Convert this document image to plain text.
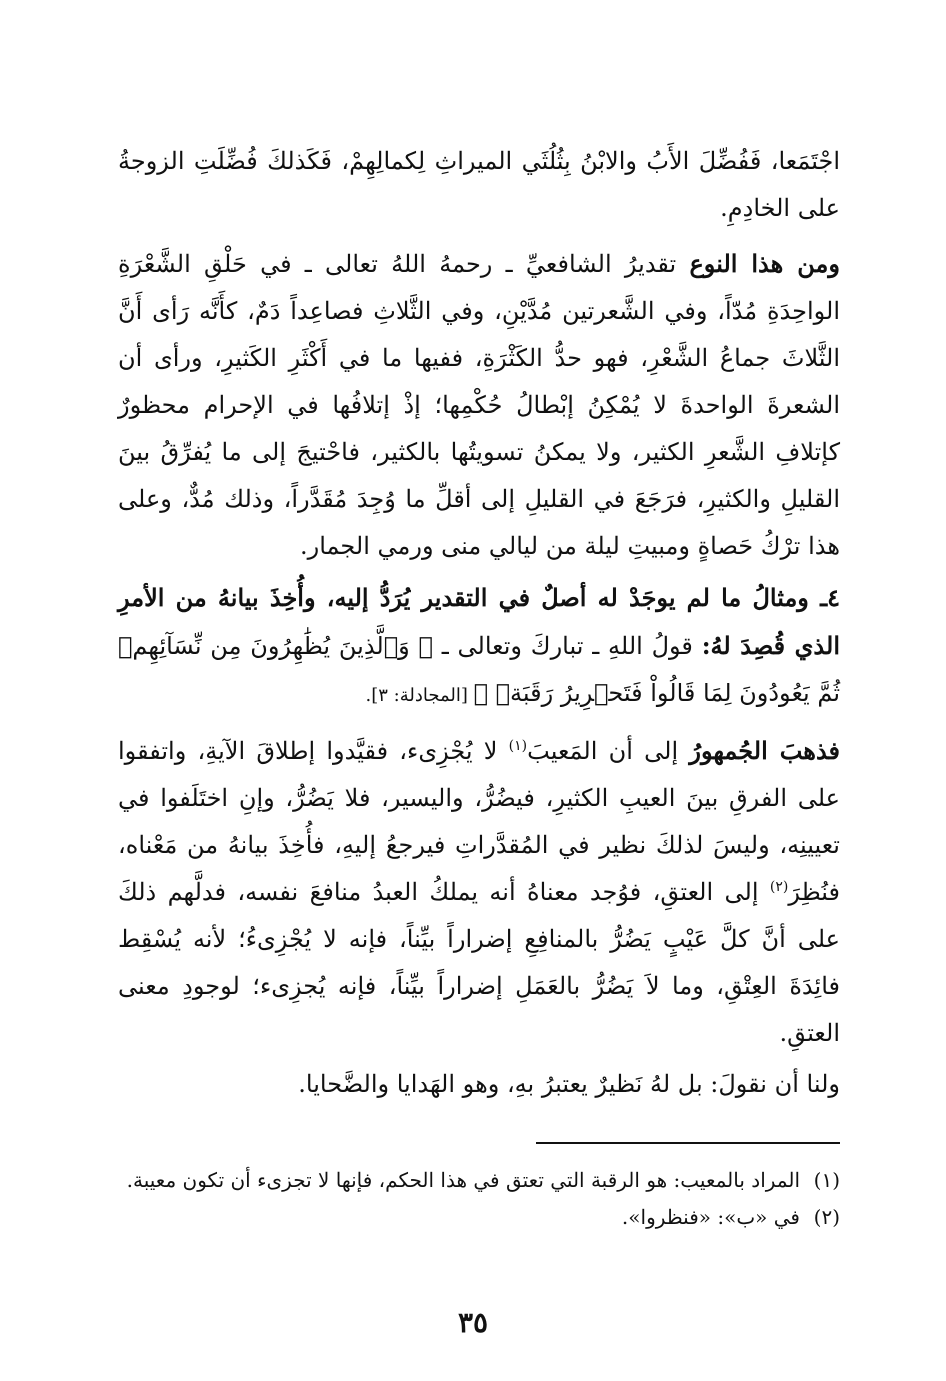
اجْتَمَعا، فَفُضِّلَ الأَبُ والابْنُ بِثُلُثَي الميراثِ لِكمالِهِمْ، فَكَذلكَ فُضِّلَتِ الزوجةُ على الخادِمِ.

ومن هذا النوع تقديرُ الشافعيِّ ـ رحمهُ اللهُ تعالى ـ في حَلْقِ الشَّعْرَةِ الواحِدَةِ مُدّاً، وفي الشَّعرتين مُدَّيْنِ، وفي الثَّلاثِ فصاعِداً دَمٌ، كأَنَّه رَأى أَنَّ الثَّلاثَ جماعُ الشَّعْرِ، فهو حدُّ الكَثْرَةِ، ففيها ما في أَكْثَرِ الكَثيرِ، ورأى أن الشعرةَ الواحدةَ لا يُمْكِنُ إبْطالُ حُكْمِها؛ إذْ إتلافُها في الإحرام محظورٌ كإتلافِ الشَّعرِ الكثير، ولا يمكنُ تسويتُها بالكثير، فاحْتيجَ إلى ما يُفرِّقُ بينَ القليلِ والكثيرِ، فرَجَعَ في القليلِ إلى أقلِّ ما وُجِدَ مُقَدَّراً، وذلك مُدٌّ، وعلى هذا ترْكُ حَصاةٍ ومبيتِ ليلة من ليالي منى ورمي الجمار.

٤ـ ومثالُ ما لم يوجَدْ له أصلٌ في التقدير يُرَدُّ إليه، وأُخِذَ بيانهُ من الأمرِ الذي قُصِدَ لهُ: قولُ اللهِ ـ تباركَ وتعالى ـ ﴿ وَٱلَّذِينَ يُظَٰهِرُونَ مِن نِّسَآئِهِمۡ ثُمَّ يَعُودُونَ لِمَا قَالُواْ فَتَحۡرِيرُ رَقَبَةٖ ﴾ [المجادلة: ٣].

فذهبَ الجُمهورُ إلى أن المَعيبَ$^{(١)}$ لا يُجْزِىء، فقيَّدوا إطلاقَ الآيةِ، واتفقوا على الفرقِ بينَ العيبِ الكثيرِ، فيضُرُّ، واليسير، فلا يَضُرُّ، وإنِ اختَلَفوا في تعيينِه، وليسَ لذلكَ نظير في المُقدَّراتِ فيرجعُ إليهِ، فأُخِذَ بيانهُ من مَعْناه، فنُظِرَ$^{(٢)}$ إلى العتقِ، فوُجد معناهُ أنه يملكُ العبدُ منافعَ نفسه، فدلَّهم ذلكَ على أنَّ كلَّ عَيْبٍ يَضُرُّ بالمنافِعِ إضراراً بيِّناً، فإنه لا يُجْزِىءُ؛ لأنه يُسْقِط فائِدَةَ العِتْقِ، وما لاَ يَضُرُّ بالعَمَلِ إضراراً بيِّناً، فإنه يُجزِىء؛ لوجودِ معنى العتقِ.

ولنا أن نقولَ: بل لهُ نَظيرٌ يعتبرُ بهِ، وهو الهَدايا والضَّحايا.

(١)المراد بالمعيب: هو الرقبة التي تعتق في هذا الحكم، فإنها لا تجزىء أن تكون معيبة.

(٢)في «ب»: «فنظروا».

٣٥
